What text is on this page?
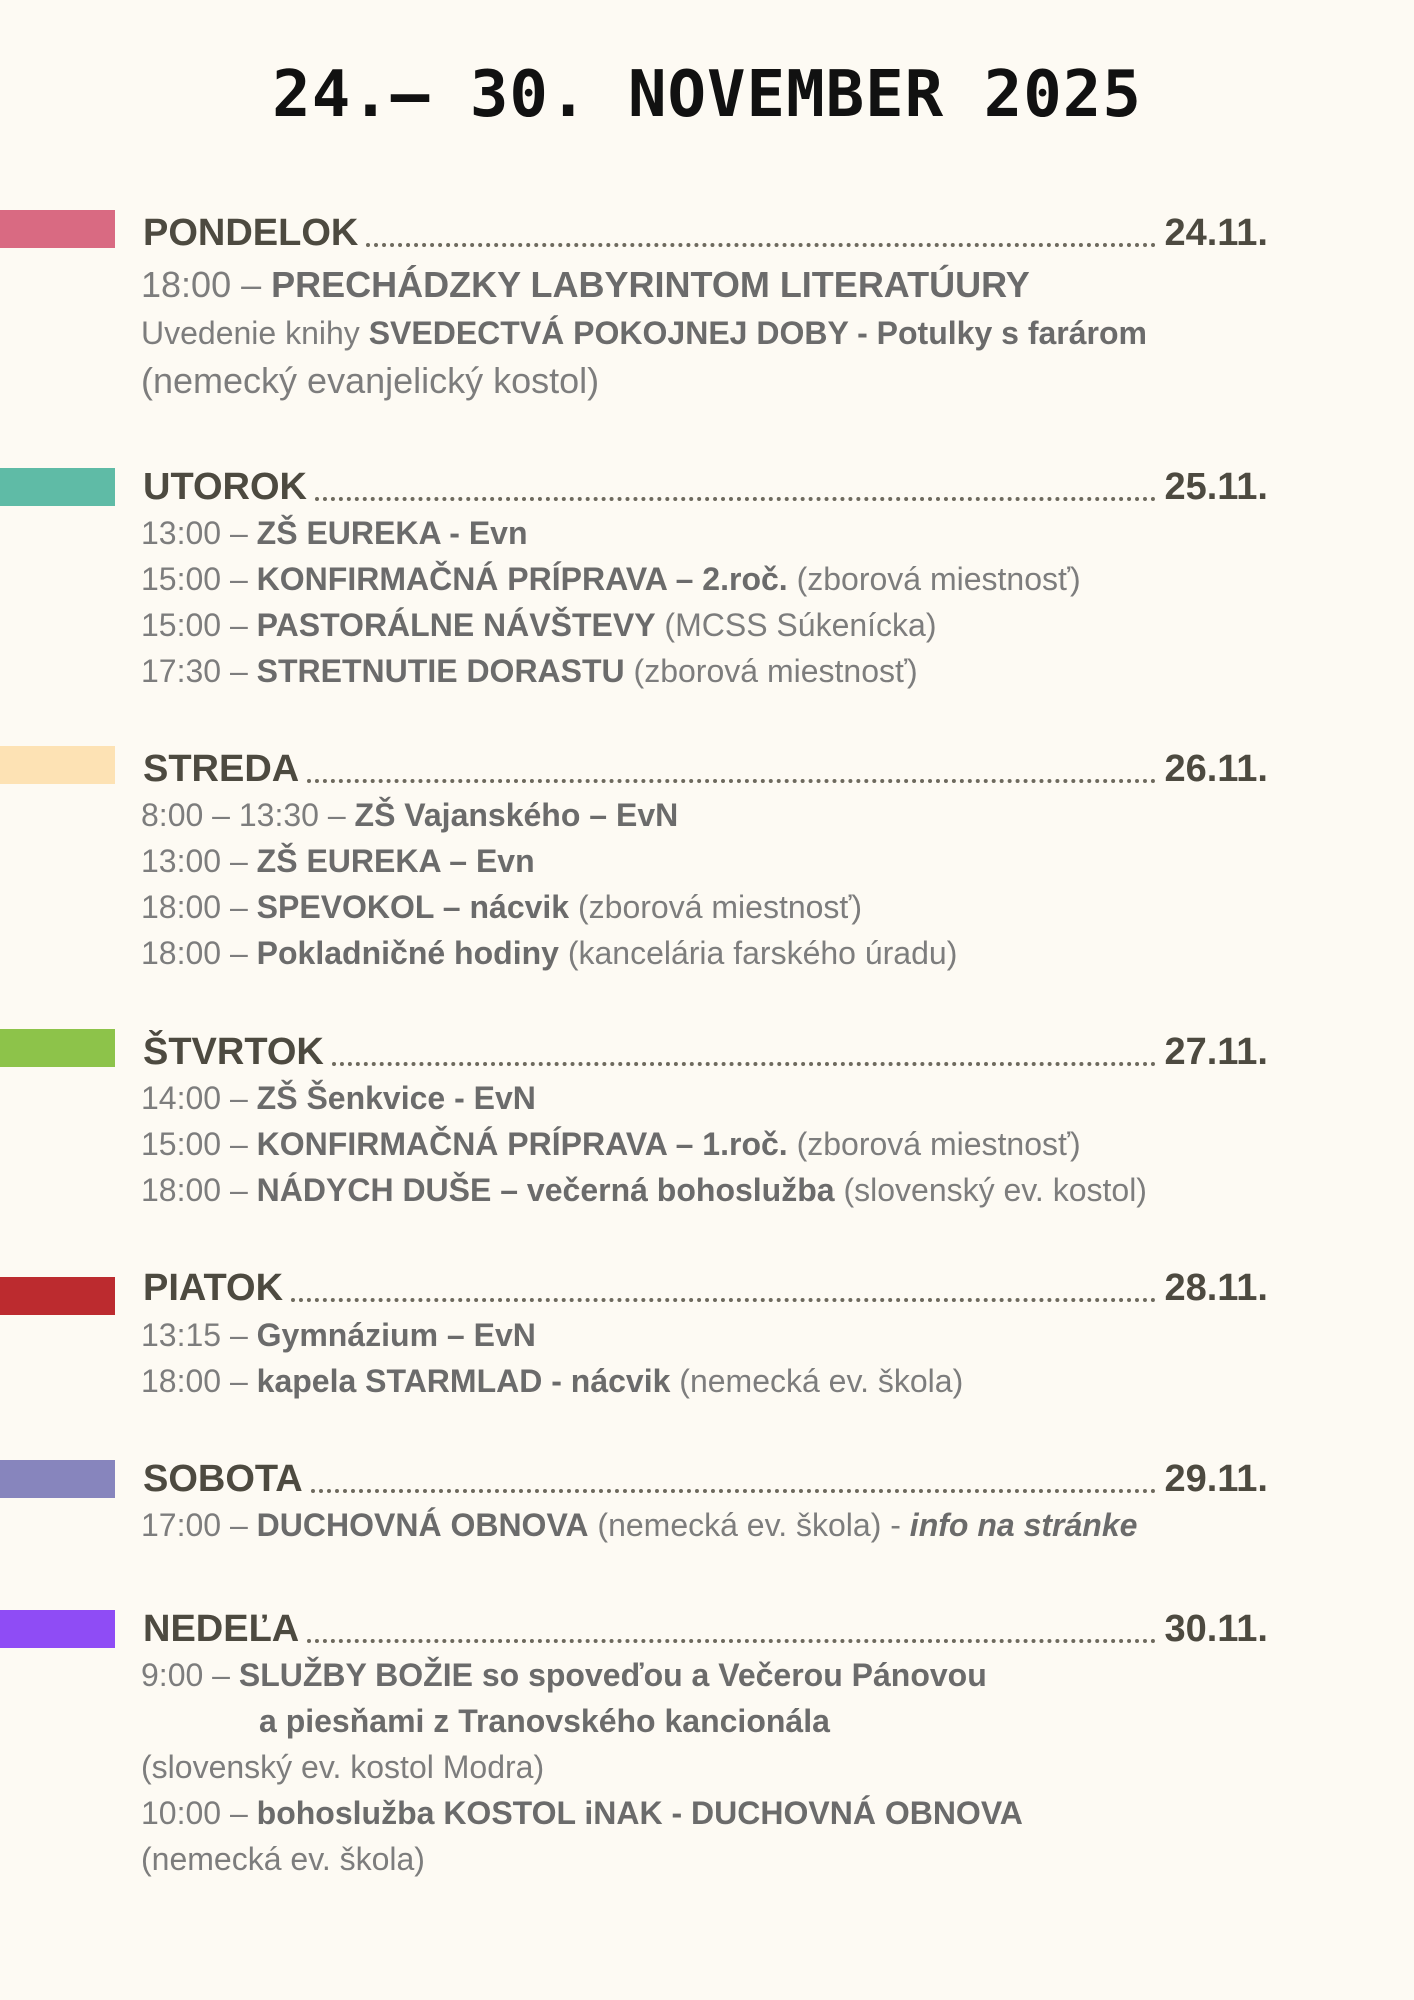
24.– 30. NOVEMBER 2025
PONDELOK	24.11.
18:00 – PRECHÁDZKY LABYRINTOM LITERATÚURY
Uvedenie knihy SVEDECTVÁ POKOJNEJ DOBY - Potulky s farárom
(nemecký evanjelický kostol)
UTOROK	25.11.
13:00 – ZŠ EUREKA - Evn
15:00 – KONFIRMAČNÁ PRÍPRAVA – 2.roč. (zborová miestnosť)
15:00 – PASTORÁLNE NÁVŠTEVY (MCSS Súkenícka)
17:30 – STRETNUTIE DORASTU (zborová miestnosť)
STREDA	26.11.
8:00 – 13:30 – ZŠ Vajanského – EvN
13:00 – ZŠ EUREKA – Evn
18:00 – SPEVOKOL – nácvik (zborová miestnosť)
18:00 – Pokladničné hodiny (kancelária farského úradu)
ŠTVRTOK	27.11.
14:00 – ZŠ Šenkvice - EvN
15:00 – KONFIRMAČNÁ PRÍPRAVA – 1.roč. (zborová miestnosť)
18:00 – NÁDYCH DUŠE – večerná bohoslužba (slovenský ev. kostol)
PIATOK	28.11.
13:15 – Gymnázium – EvN
18:00 – kapela STARMLAD - nácvik (nemecká ev. škola)
SOBOTA	29.11.
17:00 – DUCHOVNÁ OBNOVA (nemecká ev. škola) - info na stránke
NEDEĽA	30.11.
9:00 – SLUŽBY BOŽIE so spoveďou a Večerou Pánovou
a piesňami z Tranovského kancionála
(slovenský ev. kostol Modra)
10:00 – bohoslužba KOSTOL iNAK - DUCHOVNÁ OBNOVA
(nemecká ev. škola)
